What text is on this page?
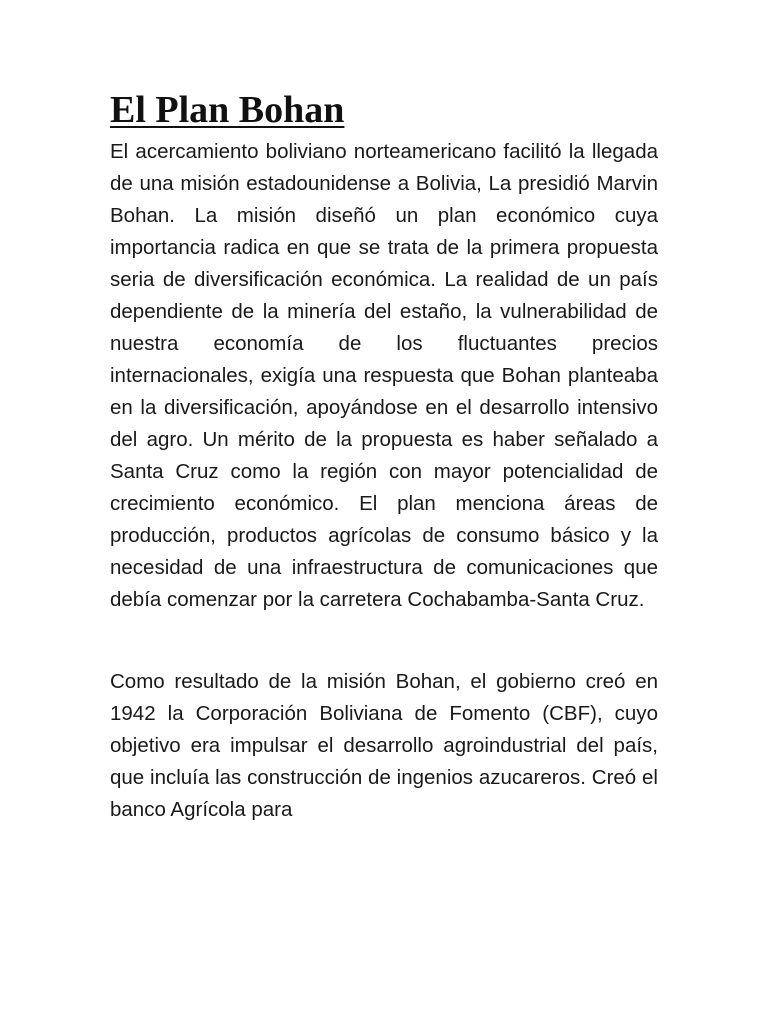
El Plan Bohan

El acercamiento boliviano norteamericano facilitó la llegada de una misión estadounidense a Bolivia, La presidió Marvin Bohan. La misión diseñó un plan económico cuya importancia radica en que se trata de la primera propuesta seria de diversificación económica. La realidad de un país dependiente de la minería del estaño, la vulnerabilidad de nuestra economía de los fluctuantes precios internacionales, exigía una respuesta que Bohan planteaba en la diversificación, apoyándose en el desarrollo intensivo del agro. Un mérito de la propuesta es haber señalado a Santa Cruz como la región con mayor potencialidad de crecimiento económico. El plan menciona áreas de producción, productos agrícolas de consumo básico y la necesidad de una infraestructura de comunicaciones que debía comenzar por la carretera Cochabamba-Santa Cruz.

Como resultado de la misión Bohan, el gobierno creó en 1942 la Corporación Boliviana de Fomento (CBF), cuyo objetivo era impulsar el desarrollo agroindustrial del país, que incluía las construcción de ingenios azucareros. Creó el banco Agrícola para
